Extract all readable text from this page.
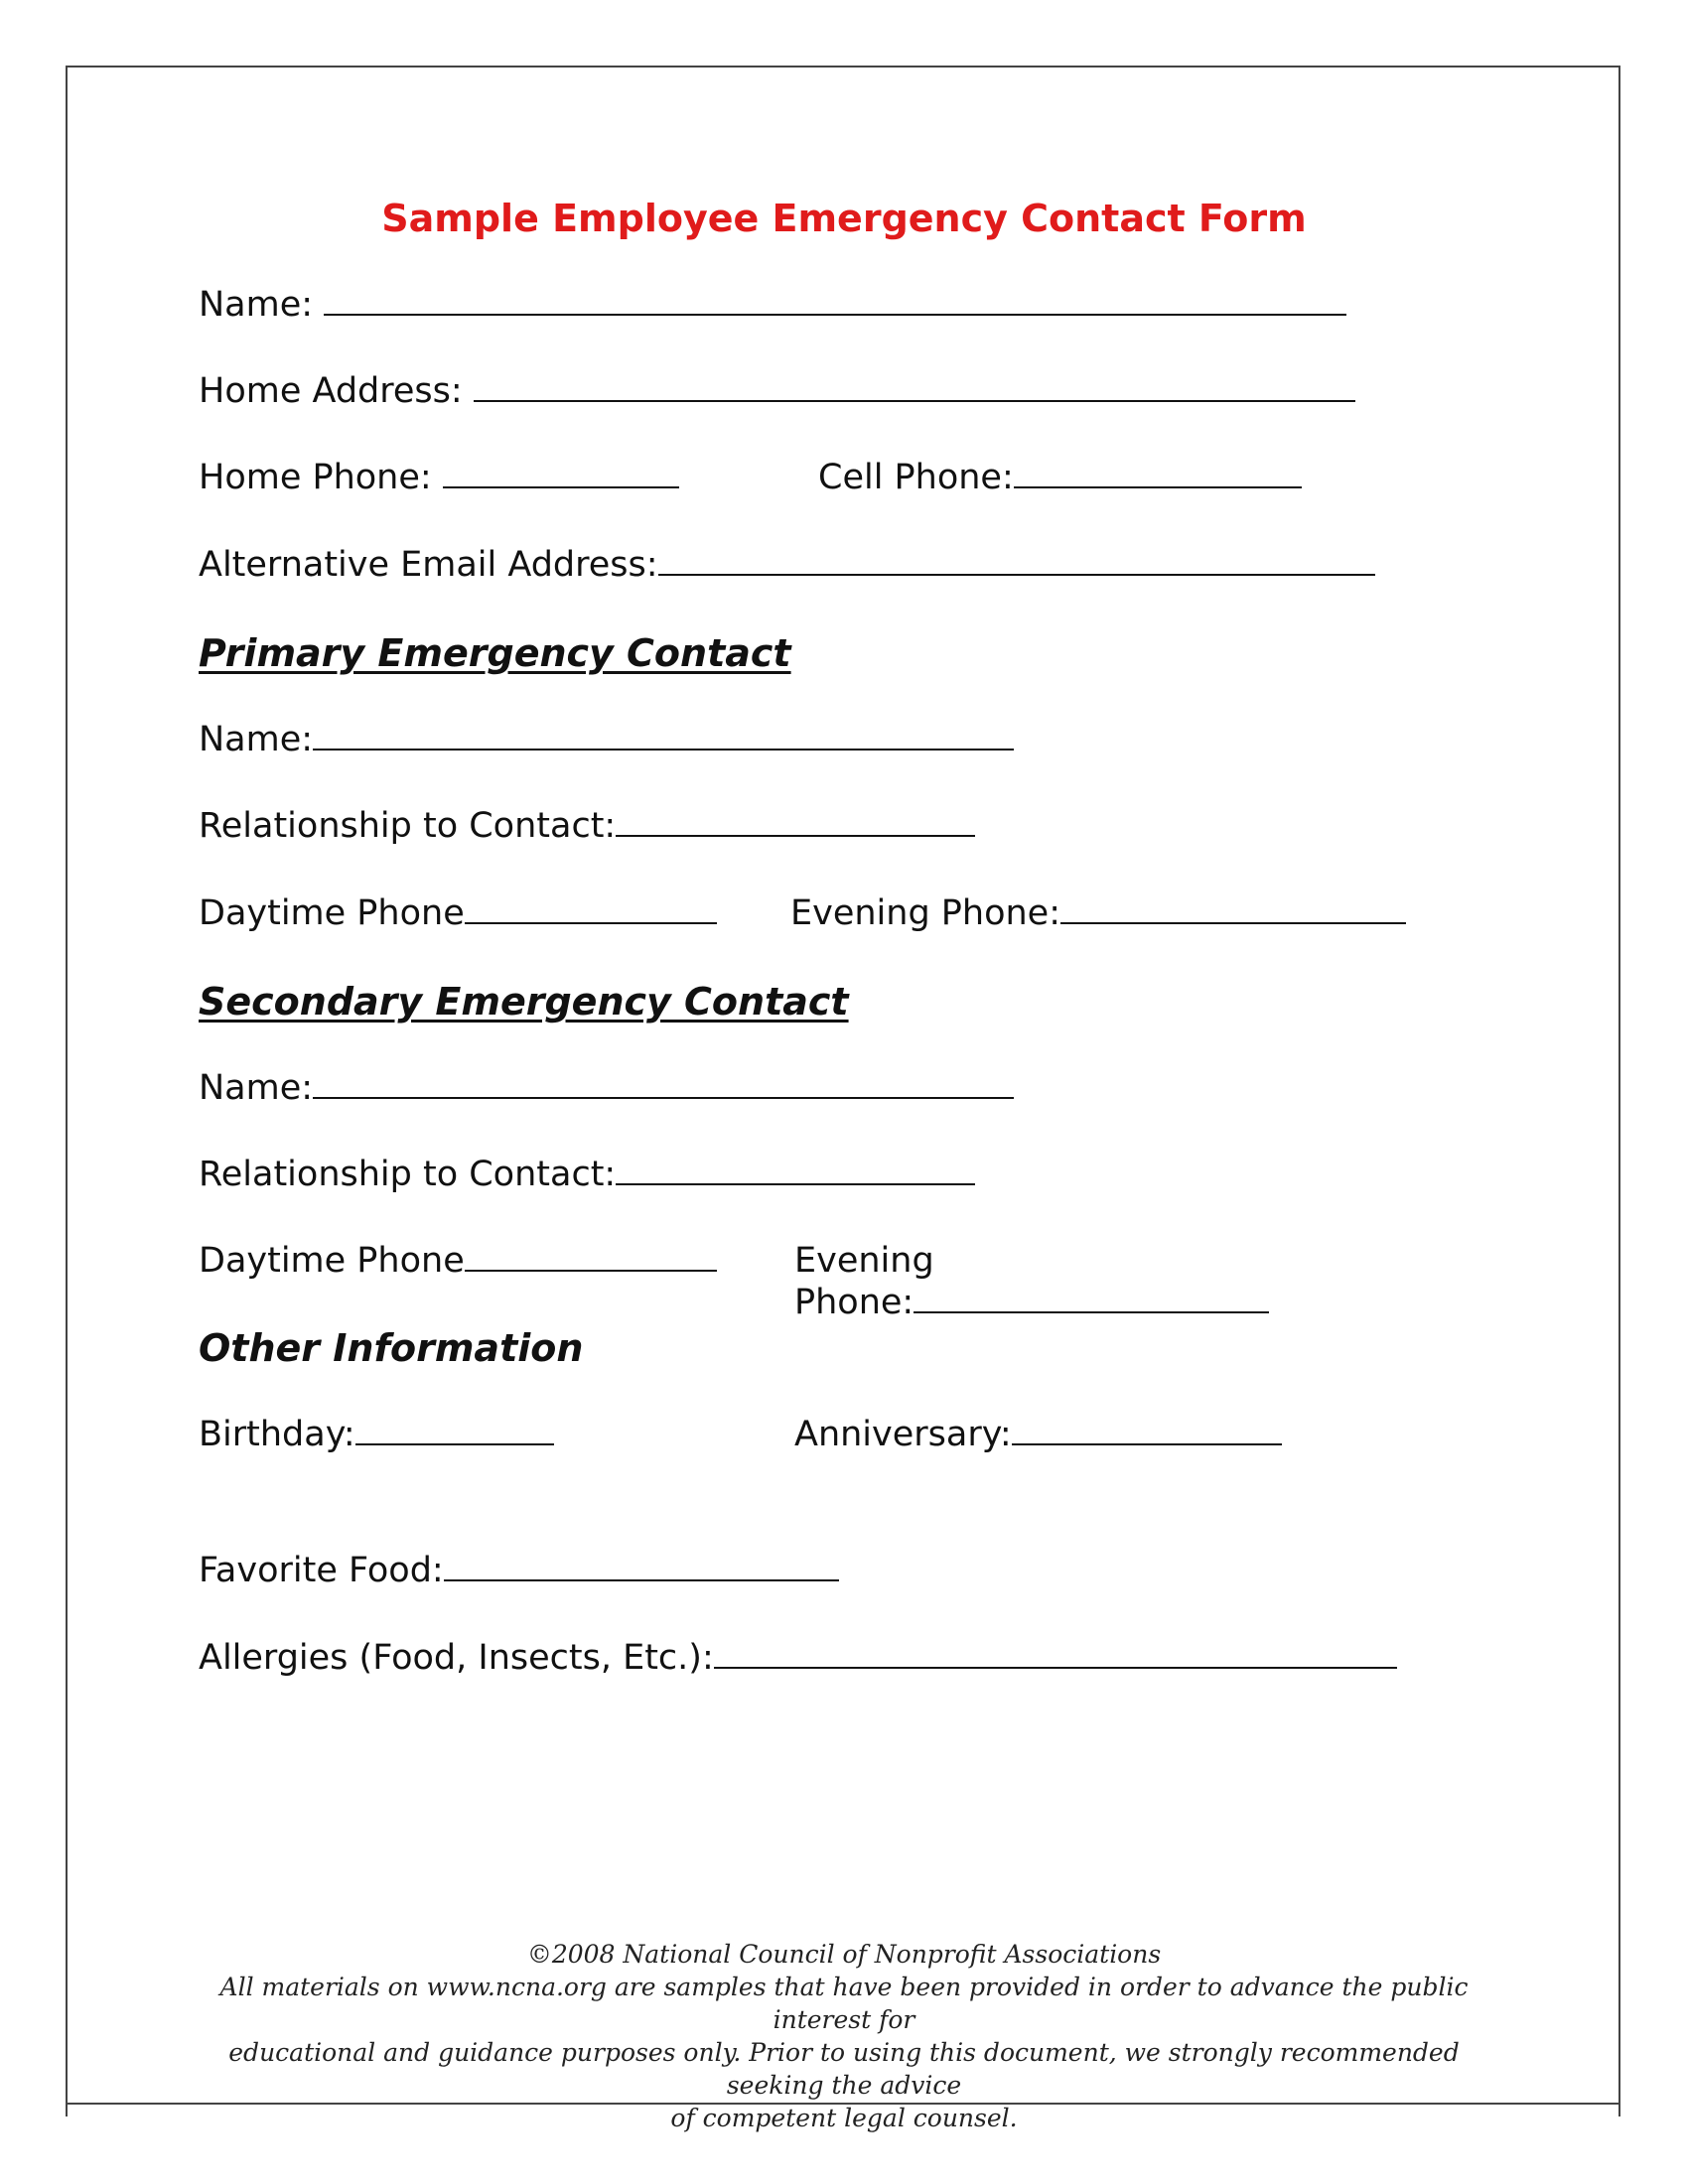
Sample Employee Emergency Contact Form
Name:
Home Address:
Home Phone:	Cell Phone:
Alternative Email Address:
Primary Emergency Contact
Name:
Relationship to Contact:
Daytime Phone	Evening Phone:
Secondary Emergency Contact
Name:
Relationship to Contact:
Daytime Phone	Evening
Phone:
Other Information
Birthday:	Anniversary:
Favorite Food:
Allergies (Food, Insects, Etc.):
©2008 National Council of Nonprofit Associations
All materials on www.ncna.org are samples that have been provided in order to advance the public interest for
educational and guidance purposes only. Prior to using this document, we strongly recommended seeking the advice
of competent legal counsel.
